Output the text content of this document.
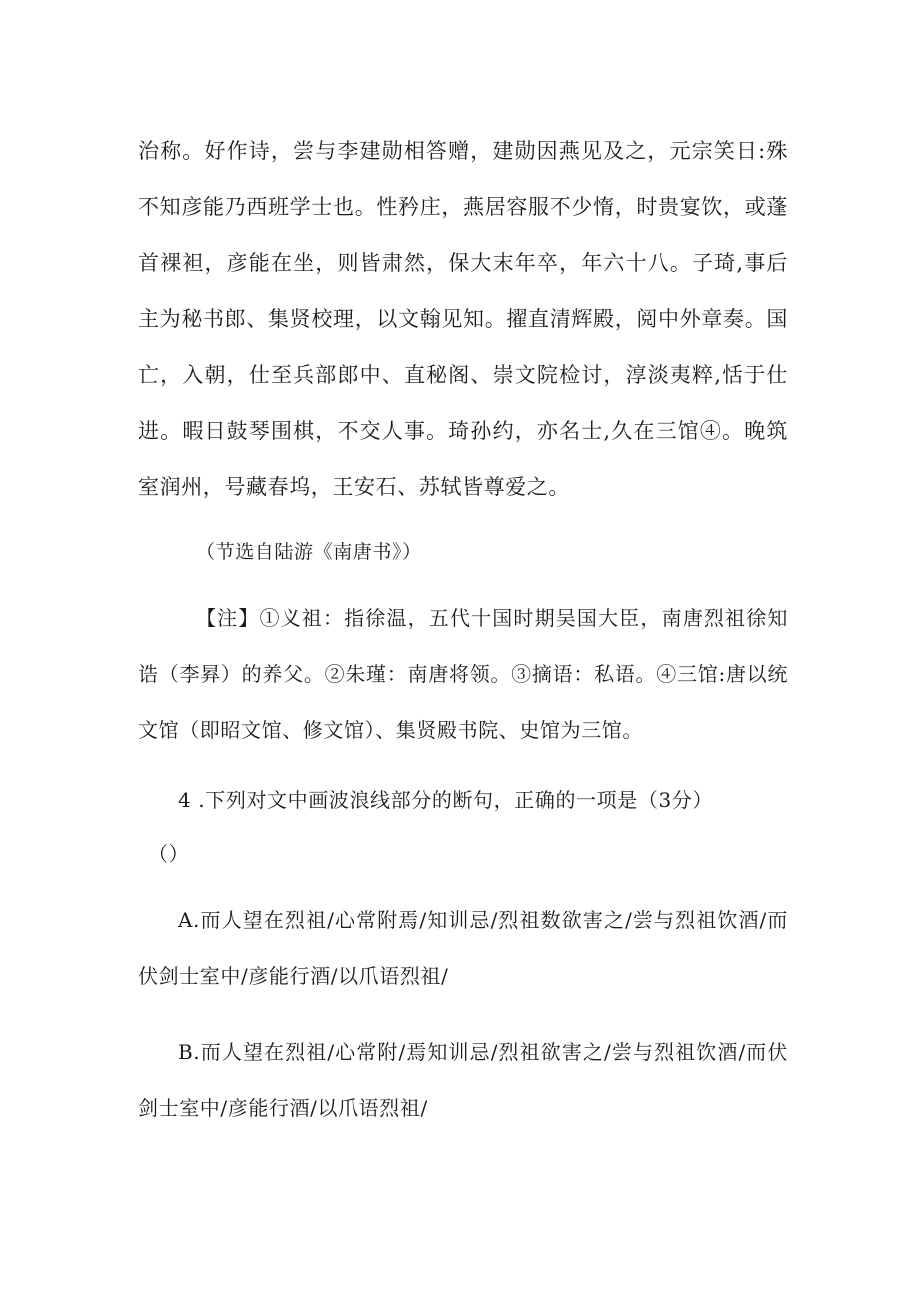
治称。好作诗，尝与李建勋相答赠，建勋因燕见及之，元宗笑日:殊不知彦能乃西班学士也。性矜庄，燕居容服不少惰，时贵宴饮，或蓬首裸袒，彦能在坐，则皆肃然，保大末年卒，年六十八。子琦,事后主为秘书郎、集贤校理，以文翰见知。擢直清辉殿，阅中外章奏。国亡，入朝，仕至兵部郎中、直秘阁、崇文院检讨，淳淡夷粹,恬于仕进。暇日鼓琴围棋，不交人事。琦孙约，亦名士,久在三馆④。晚筑室润州，号藏春坞，王安石、苏轼皆尊爱之。

（节选自陆游《南唐书》）

【注】①义祖：指徐温，五代十国时期吴国大臣，南唐烈祖徐知诰（李昪）的养父。②朱瑾：南唐将领。③摘语：私语。④三馆:唐以统文馆（即昭文馆、修文馆）、集贤殿书院、史馆为三馆。

4 .下列对文中画波浪线部分的断句，正确的一项是（3分）

（）

A.而人望在烈祖/心常附焉/知训忌/烈祖数欲害之/尝与烈祖饮酒/而伏剑士室中/彦能行酒/以爪语烈祖/

B.而人望在烈祖/心常附/焉知训忌/烈祖欲害之/尝与烈祖饮酒/而伏剑士室中/彦能行酒/以爪语烈祖/
